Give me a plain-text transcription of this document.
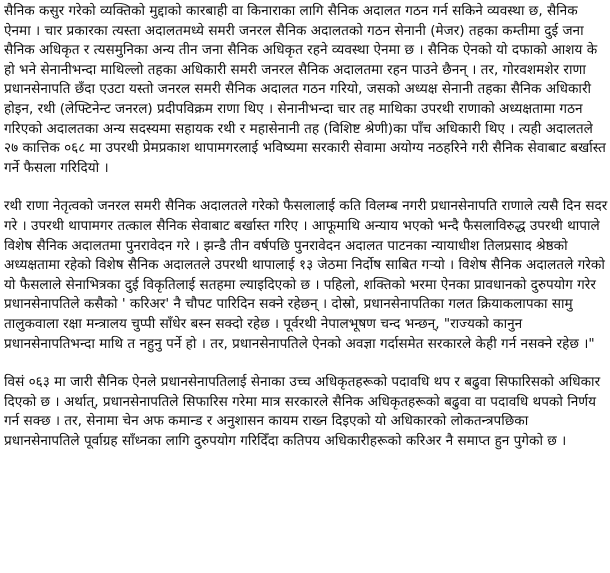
सैनिक कसुर गरेको व्यक्तिको मुद्दाको कारबाही वा किनाराका लागि सैनिक अदालत गठन गर्न सकिने व्यवस्था छ, सैनिक ऐनमा । चार प्रकारका त्यस्ता अदालतमध्ये समरी जनरल सैनिक अदालतको गठन सेनानी (मेजर) तहका कम्तीमा दुई जना सैनिक अधिकृत र त्यसमुनिका अन्य तीन जना सैनिक अधिकृत रहने व्यवस्था ऐनमा छ । सैनिक ऐनको यो दफाको आशय के हो भने सेनानीभन्दा माथिल्लो तहका अधिकारी समरी जनरल सैनिक अदालतमा रहन पाउने छैनन् । तर, गोरवशमशेर राणा प्रधानसेनापति छँदा एउटा यस्तो जनरल समरी सैनिक अदालत गठन गरियो, जसको अध्यक्ष सेनानी तहका सैनिक अधिकारी होइन, रथी (लेफ्टिनेन्ट जनरल) प्रदीपविक्रम राणा थिए । सेनानीभन्दा चार तह माथिका उपरथी राणाको अध्यक्षतामा गठन गरिएको अदालतका अन्य सदस्यमा सहायक रथी र महासेनानी तह (विशिष्ट श्रेणी)का पाँच अधिकारी थिए । त्यही अदालतले २७ कात्तिक ०६८ मा उपरथी प्रेमप्रकाश थापामगरलाई भविष्यमा सरकारी सेवामा अयोग्य नठहरिने गरी सैनिक सेवाबाट बर्खास्त गर्ने फैसला गरिदियो ।

रथी राणा नेतृत्वको जनरल समरी सैनिक अदालतले गरेको फैसलालाई कति विलम्ब नगरी प्रधानसेनापति राणाले त्यसै दिन सदर गरे । उपरथी थापामगर तत्काल सैनिक सेवाबाट बर्खास्त गरिए । आफूमाथि अन्याय भएको भन्दै फैसलाविरुद्ध उपरथी थापाले विशेष सैनिक अदालतमा पुनरावेदन गरे । झन्डै तीन वर्षपछि पुनरावेदन अदालत पाटनका न्यायाधीश तिलप्रसाद श्रेष्ठको अध्यक्षतामा रहेको विशेष सैनिक अदालतले उपरथी थापालाई १३ जेठमा निर्दोष साबित गऱ्यो । विशेष सैनिक अदालतले गरेको यो फैसलाले सेनाभित्रका दुई विकृतिलाई सतहमा ल्याइदिएको छ । पहिलो, शक्तिको भरमा ऐनका प्रावधानको दुरुपयोग गरेर प्रधानसेनापतिले कसैको ' करिअर' नै चौपट पारिदिन सक्ने रहेछन् । दोस्रो, प्रधानसेनापतिका गलत क्रियाकलापका सामु तालुकवाला रक्षा मन्त्रालय चुप्पी साँधेर बस्न सक्दो रहेछ । पूर्वरथी नेपालभूषण चन्द भन्छन्, "राज्यको कानुन प्रधानसेनापतिभन्दा माथि त नहुनु पर्ने हो । तर, प्रधानसेनापतिले ऐनको अवज्ञा गर्दासमेत सरकारले केही गर्न नसक्ने रहेछ ।"

विसं ०६३ मा जारी सैनिक ऐनले प्रधानसेनापतिलाई सेनाका उच्च अधिकृतहरूको पदावधि थप र बढुवा सिफारिसको अधिकार दिएको छ । अर्थात्, प्रधानसेनापतिले सिफारिस गरेमा मात्र सरकारले सैनिक अधिकृतहरूको बढुवा वा पदावधि थपको निर्णय गर्न सक्छ । तर, सेनामा चेन अफ कमान्ड र अनुशासन कायम राख्न दिइएको यो अधिकारको लोकतन्त्रपछिका प्रधानसेनापतिले पूर्वाग्रह साँध्नका लागि दुरुपयोग गरिदिँदा कतिपय अधिकारीहरूको करिअर नै समाप्त हुन पुगेको छ ।
